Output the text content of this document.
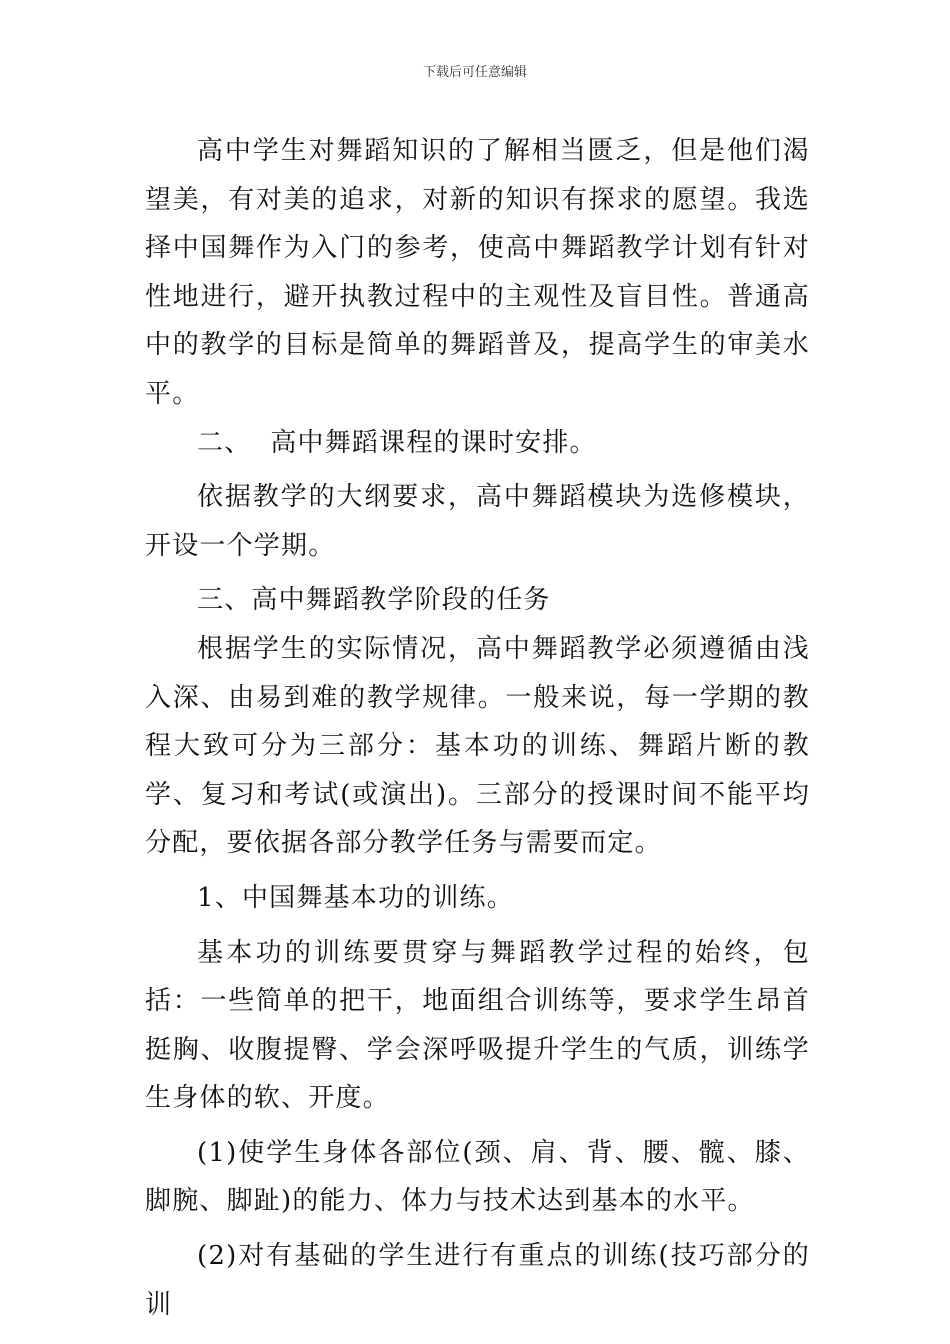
下载后可任意编辑

高中学生对舞蹈知识的了解相当匮乏，但是他们渴望美，有对美的追求，对新的知识有探求的愿望。我选择中国舞作为入门的参考，使高中舞蹈教学计划有针对性地进行，避开执教过程中的主观性及盲目性。普通高中的教学的目标是简单的舞蹈普及，提高学生的审美水平。

二、  高中舞蹈课程的课时安排。

依据教学的大纲要求，高中舞蹈模块为选修模块，开设一个学期。

三、高中舞蹈教学阶段的任务

根据学生的实际情况，高中舞蹈教学必须遵循由浅入深、由易到难的教学规律。一般来说，每一学期的教程大致可分为三部分：基本功的训练、舞蹈片断的教学、复习和考试(或演出)。三部分的授课时间不能平均分配，要依据各部分教学任务与需要而定。

1、中国舞基本功的训练。

基本功的训练要贯穿与舞蹈教学过程的始终，包括：一些简单的把干，地面组合训练等，要求学生昂首挺胸、收腹提臀、学会深呼吸提升学生的气质，训练学生身体的软、开度。

(1)使学生身体各部位(颈、肩、背、腰、髋、膝、脚腕、脚趾)的能力、体力与技术达到基本的水平。

(2)对有基础的学生进行有重点的训练(技巧部分的训
